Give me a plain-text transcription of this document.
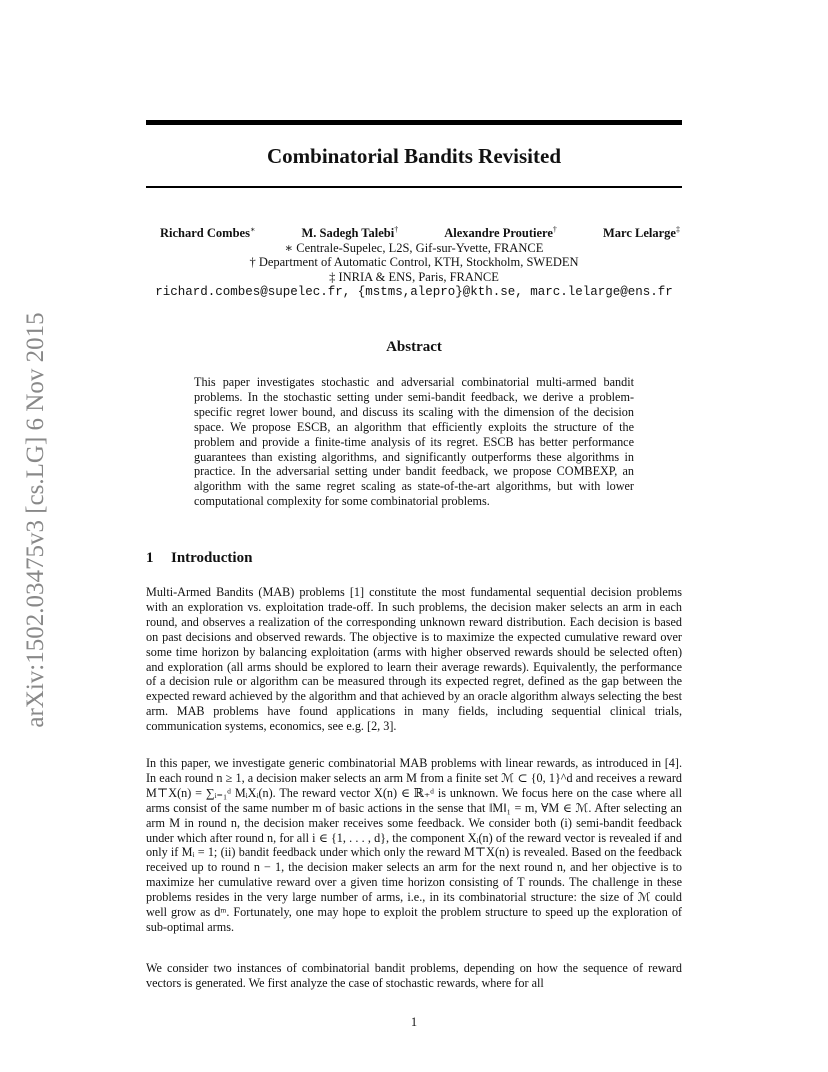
arXiv:1502.03475v3 [cs.LG] 6 Nov 2015
Combinatorial Bandits Revisited
Richard Combes∗	M. Sadegh Talebi†	Alexandre Proutiere†	Marc Lelarge‡
∗ Centrale-Supelec, L2S, Gif-sur-Yvette, FRANCE
† Department of Automatic Control, KTH, Stockholm, SWEDEN
‡ INRIA & ENS, Paris, FRANCE
richard.combes@supelec.fr, {mstms,alepro}@kth.se, marc.lelarge@ens.fr
Abstract
This paper investigates stochastic and adversarial combinatorial multi-armed bandit problems. In the stochastic setting under semi-bandit feedback, we derive a problem-specific regret lower bound, and discuss its scaling with the dimension of the decision space. We propose ESCB, an algorithm that efficiently exploits the structure of the problem and provide a finite-time analysis of its regret. ESCB has better performance guarantees than existing algorithms, and significantly outperforms these algorithms in practice. In the adversarial setting under bandit feedback, we propose COMBEXP, an algorithm with the same regret scaling as state-of-the-art algorithms, but with lower computational complexity for some combinatorial problems.
1 Introduction
Multi-Armed Bandits (MAB) problems [1] constitute the most fundamental sequential decision problems with an exploration vs. exploitation trade-off. In such problems, the decision maker selects an arm in each round, and observes a realization of the corresponding unknown reward distribution. Each decision is based on past decisions and observed rewards. The objective is to maximize the expected cumulative reward over some time horizon by balancing exploitation (arms with higher observed rewards should be selected often) and exploration (all arms should be explored to learn their average rewards). Equivalently, the performance of a decision rule or algorithm can be measured through its expected regret, defined as the gap between the expected reward achieved by the algorithm and that achieved by an oracle algorithm always selecting the best arm. MAB problems have found applications in many fields, including sequential clinical trials, communication systems, economics, see e.g. [2, 3].
In this paper, we investigate generic combinatorial MAB problems with linear rewards, as introduced in [4]. In each round n ≥ 1, a decision maker selects an arm M from a finite set ℳ ⊂ {0, 1}^d and receives a reward M⊤X(n) = ∑ᵢ₌₁ᵈ MᵢXᵢ(n). The reward vector X(n) ∈ ℝ₊ᵈ is unknown. We focus here on the case where all arms consist of the same number m of basic actions in the sense that ‖M‖₁ = m, ∀M ∈ ℳ. After selecting an arm M in round n, the decision maker receives some feedback. We consider both (i) semi-bandit feedback under which after round n, for all i ∈ {1, . . . , d}, the component Xᵢ(n) of the reward vector is revealed if and only if Mᵢ = 1; (ii) bandit feedback under which only the reward M⊤X(n) is revealed. Based on the feedback received up to round n − 1, the decision maker selects an arm for the next round n, and her objective is to maximize her cumulative reward over a given time horizon consisting of T rounds. The challenge in these problems resides in the very large number of arms, i.e., in its combinatorial structure: the size of ℳ could well grow as dᵐ. Fortunately, one may hope to exploit the problem structure to speed up the exploration of sub-optimal arms.
We consider two instances of combinatorial bandit problems, depending on how the sequence of reward vectors is generated. We first analyze the case of stochastic rewards, where for all
1
